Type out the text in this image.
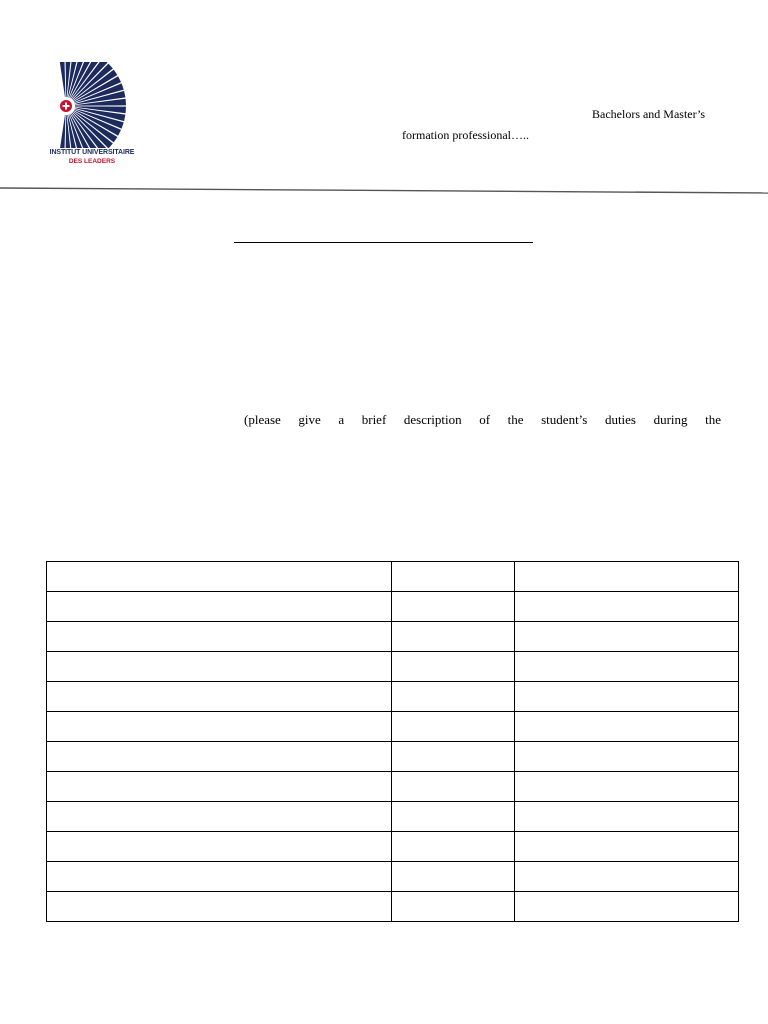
INSTITUT UNIVERSITAIRE
DES LEADERS
Bachelors and Master’s
formation professional…..
(please give a brief description of the student’s duties during the
